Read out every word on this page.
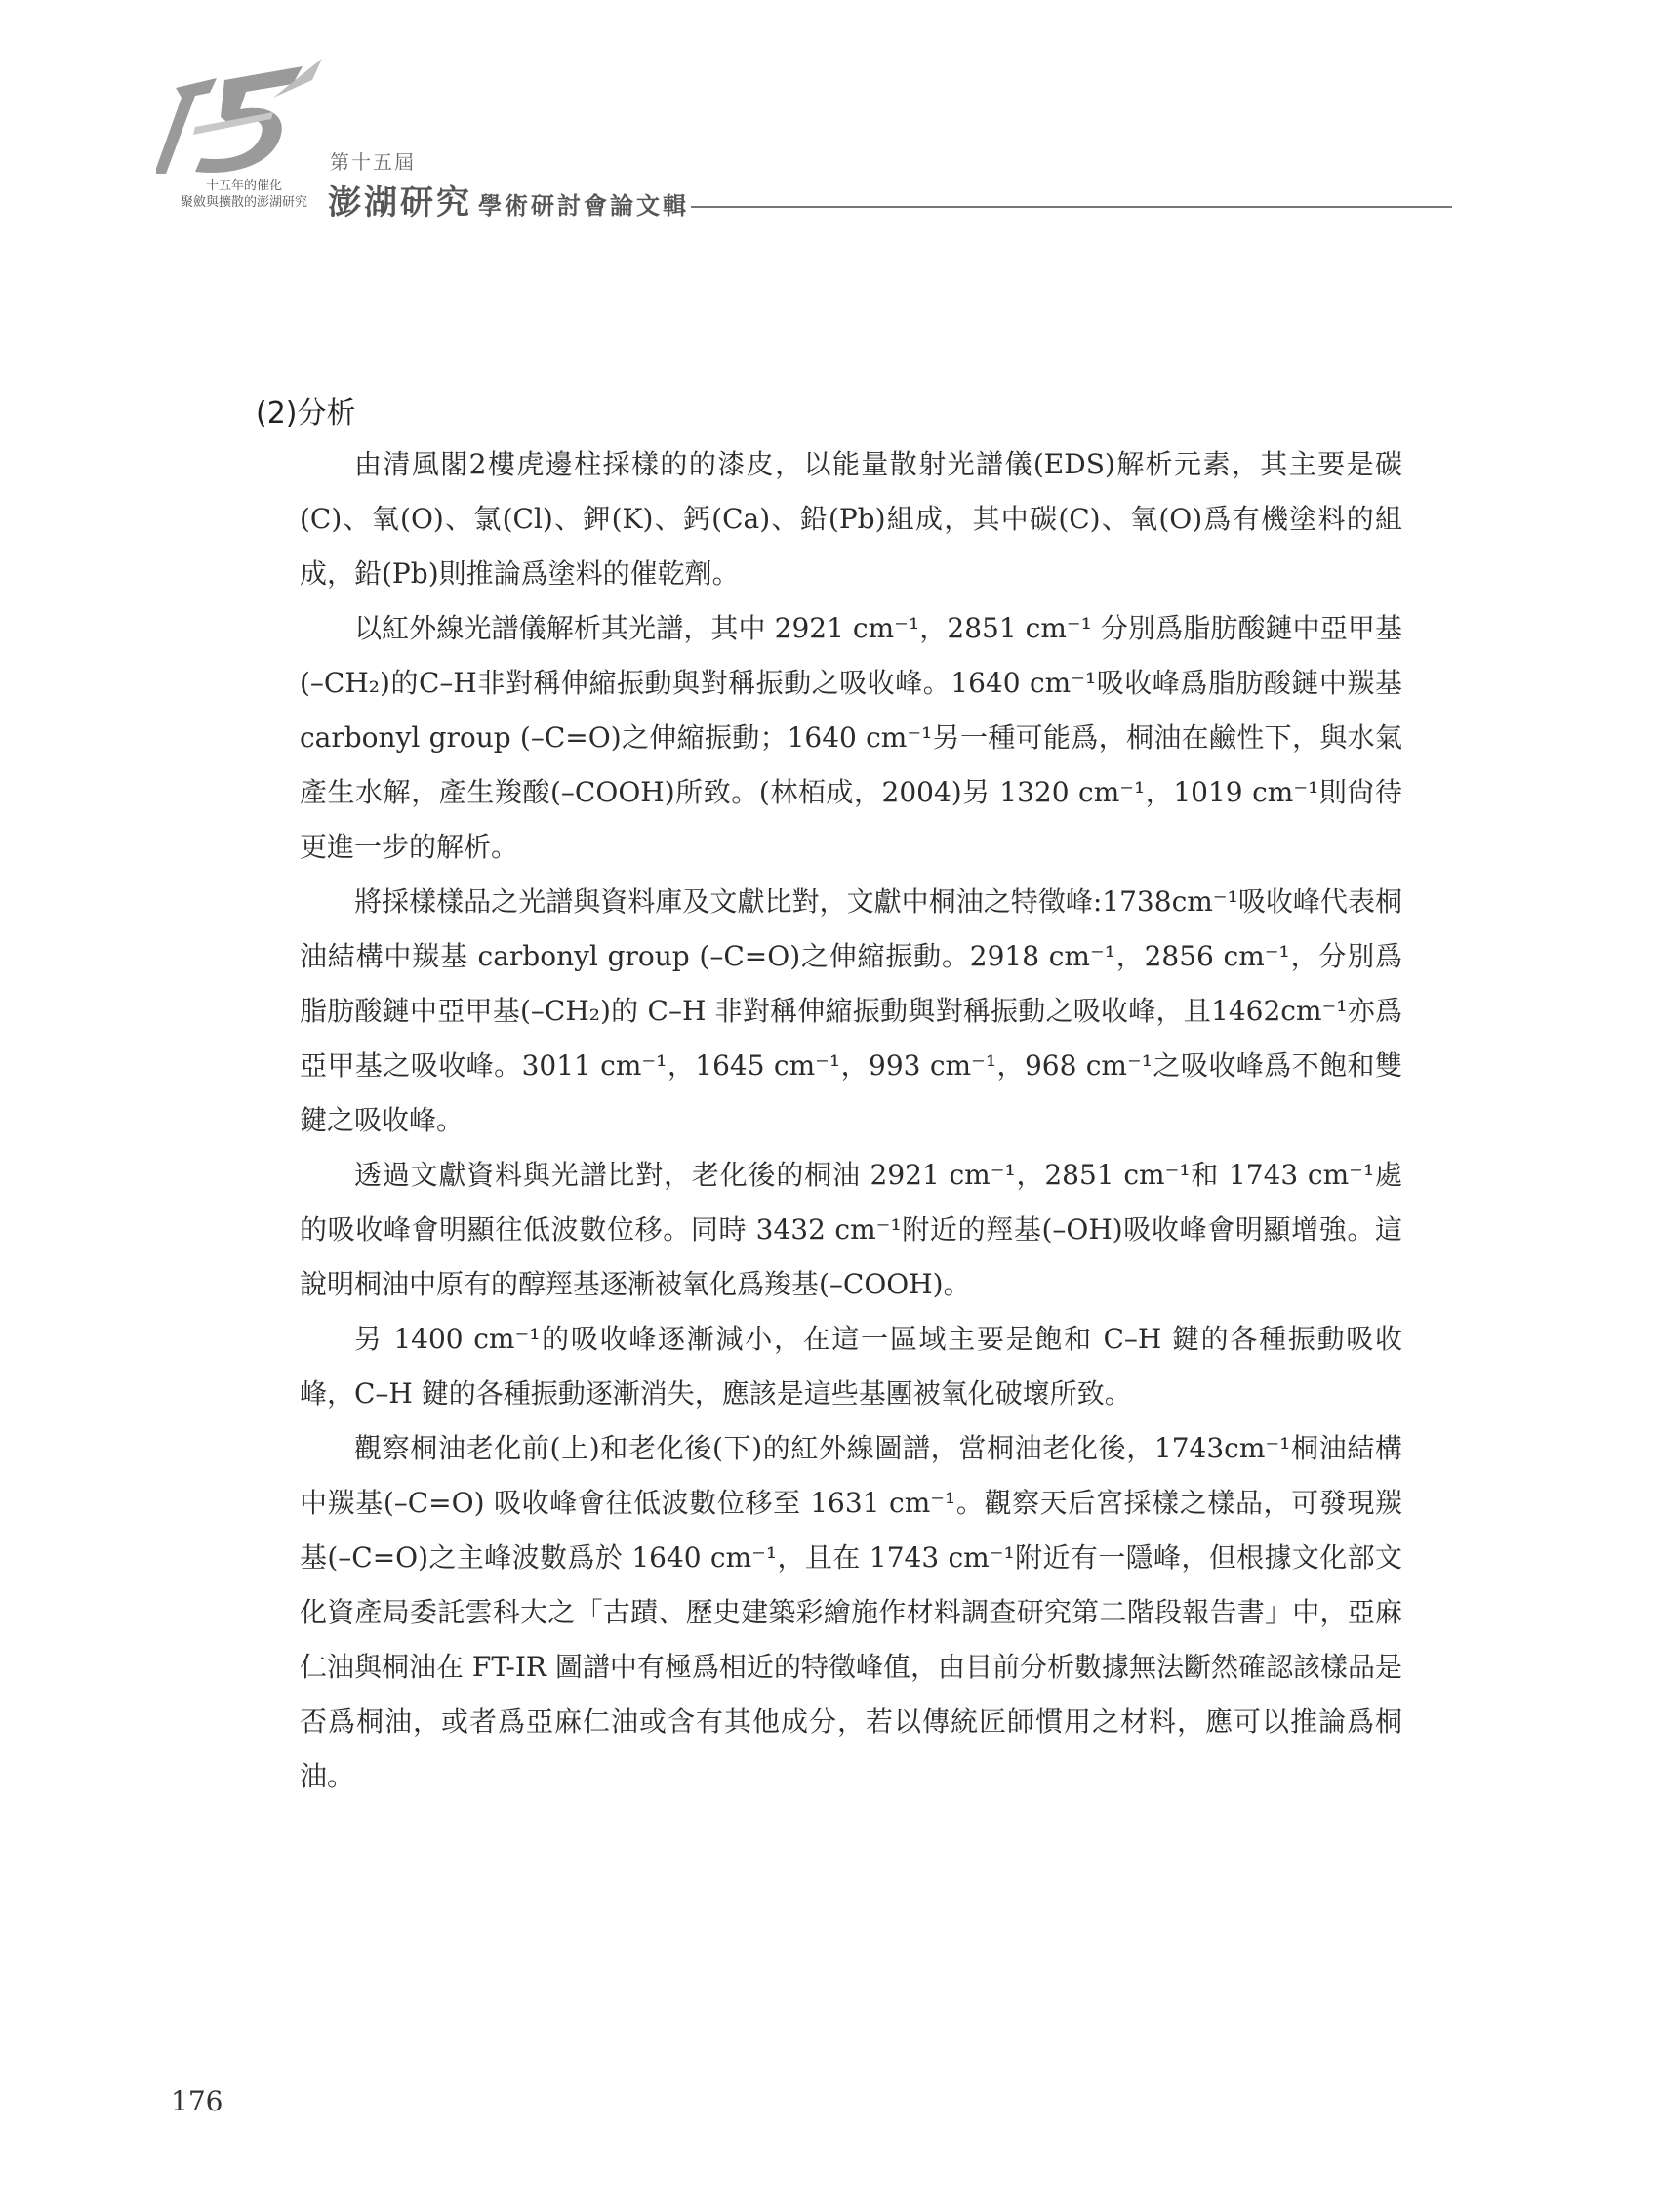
十五年的催化
聚斂與擴散的澎湖研究
第十五屆
澎湖研究 學術研討會論文輯
(2)分析

由清風閣2樓虎邊柱採樣的的漆皮，以能量散射光譜儀(EDS)解析元素，其主要是碳(C)、氧(O)、氯(Cl)、鉀(K)、鈣(Ca)、鉛(Pb)組成，其中碳(C)、氧(O)爲有機塗料的組成，鉛(Pb)則推論爲塗料的催乾劑。

以紅外線光譜儀解析其光譜，其中 2921 cm⁻¹，2851 cm⁻¹ 分別爲脂肪酸鏈中亞甲基(–CH₂)的C–H非對稱伸縮振動與對稱振動之吸收峰。1640 cm⁻¹吸收峰爲脂肪酸鏈中羰基 carbonyl group (–C=O)之伸縮振動；1640 cm⁻¹另一種可能爲，桐油在鹼性下，與水氣產生水解，產生羧酸(–COOH)所致。(林栢成，2004)另 1320 cm⁻¹，1019 cm⁻¹則尙待更進一步的解析。

將採樣樣品之光譜與資料庫及文獻比對，文獻中桐油之特徵峰:1738cm⁻¹吸收峰代表桐油結構中羰基 carbonyl group (–C=O)之伸縮振動。2918 cm⁻¹，2856 cm⁻¹，分別爲脂肪酸鏈中亞甲基(–CH₂)的 C–H 非對稱伸縮振動與對稱振動之吸收峰，且1462cm⁻¹亦爲亞甲基之吸收峰。3011 cm⁻¹，1645 cm⁻¹，993 cm⁻¹，968 cm⁻¹之吸收峰爲不飽和雙鍵之吸收峰。

透過文獻資料與光譜比對，老化後的桐油 2921 cm⁻¹，2851 cm⁻¹和 1743 cm⁻¹處的吸收峰會明顯往低波數位移。同時 3432 cm⁻¹附近的羥基(–OH)吸收峰會明顯增強。這說明桐油中原有的醇羥基逐漸被氧化爲羧基(–COOH)。

另 1400 cm⁻¹的吸收峰逐漸減小，在這一區域主要是飽和 C–H 鍵的各種振動吸收峰，C–H 鍵的各種振動逐漸消失，應該是這些基團被氧化破壞所致。

觀察桐油老化前(上)和老化後(下)的紅外線圖譜，當桐油老化後，1743cm⁻¹桐油結構中羰基(–C=O) 吸收峰會往低波數位移至 1631 cm⁻¹。觀察天后宮採樣之樣品，可發現羰基(–C=O)之主峰波數爲於 1640 cm⁻¹，且在 1743 cm⁻¹附近有一隱峰，但根據文化部文化資產局委託雲科大之「古蹟、歷史建築彩繪施作材料調查研究第二階段報告書」中，亞麻仁油與桐油在 FT-IR 圖譜中有極爲相近的特徵峰值，由目前分析數據無法斷然確認該樣品是否爲桐油，或者爲亞麻仁油或含有其他成分，若以傳統匠師慣用之材料，應可以推論爲桐油。

176
